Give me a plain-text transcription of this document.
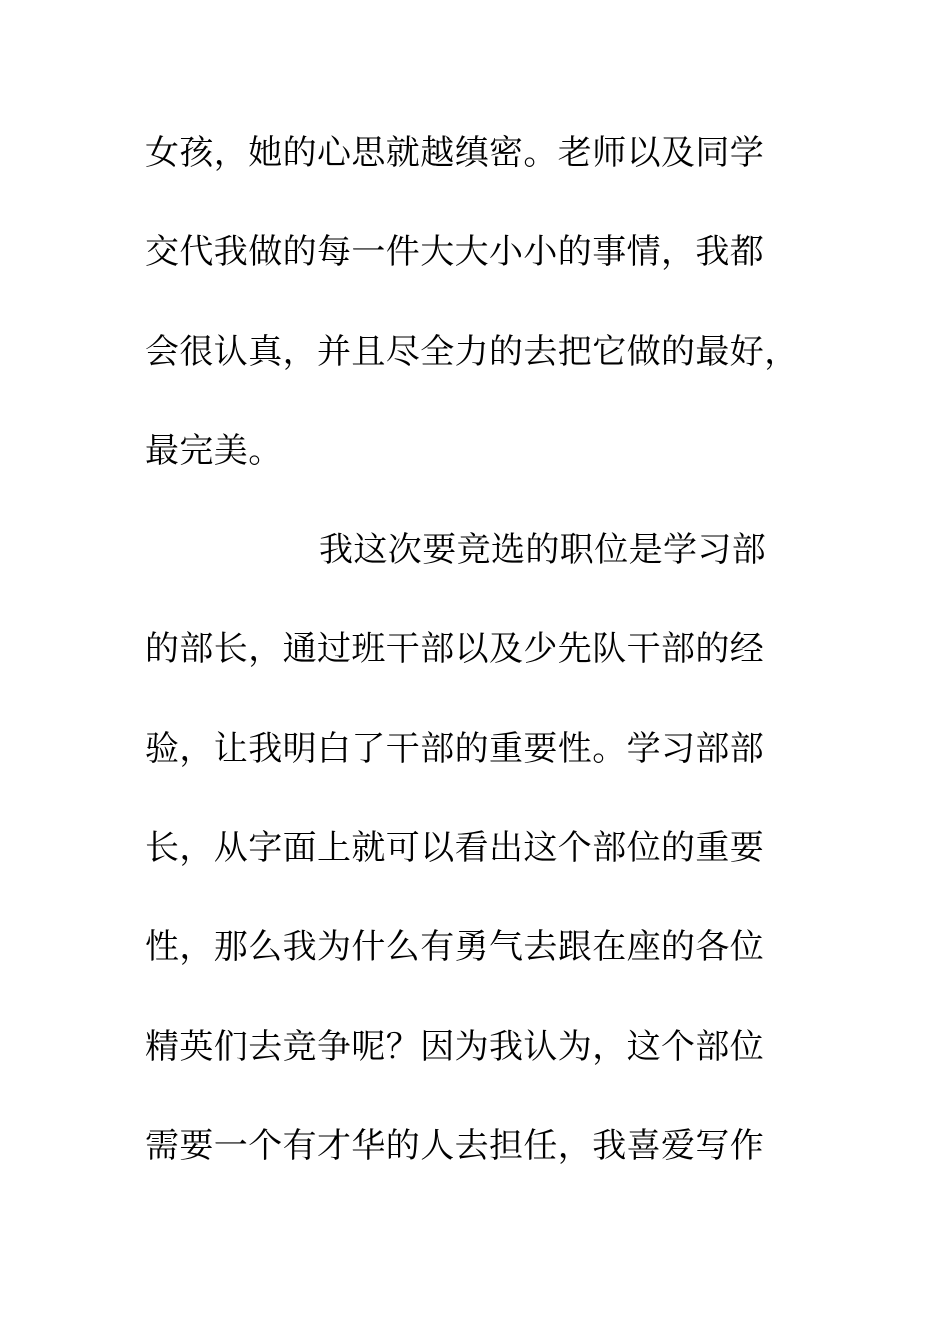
女孩，她的心思就越缜密。老师以及同学
交代我做的每一件大大小小的事情，我都
会很认真，并且尽全力的去把它做的最好，
最完美。
我这次要竞选的职位是学习部
的部长，通过班干部以及少先队干部的经
验，让我明白了干部的重要性。学习部部
长，从字面上就可以看出这个部位的重要
性，那么我为什么有勇气去跟在座的各位
精英们去竞争呢？因为我认为，这个部位
需要一个有才华的人去担任，我喜爱写作
